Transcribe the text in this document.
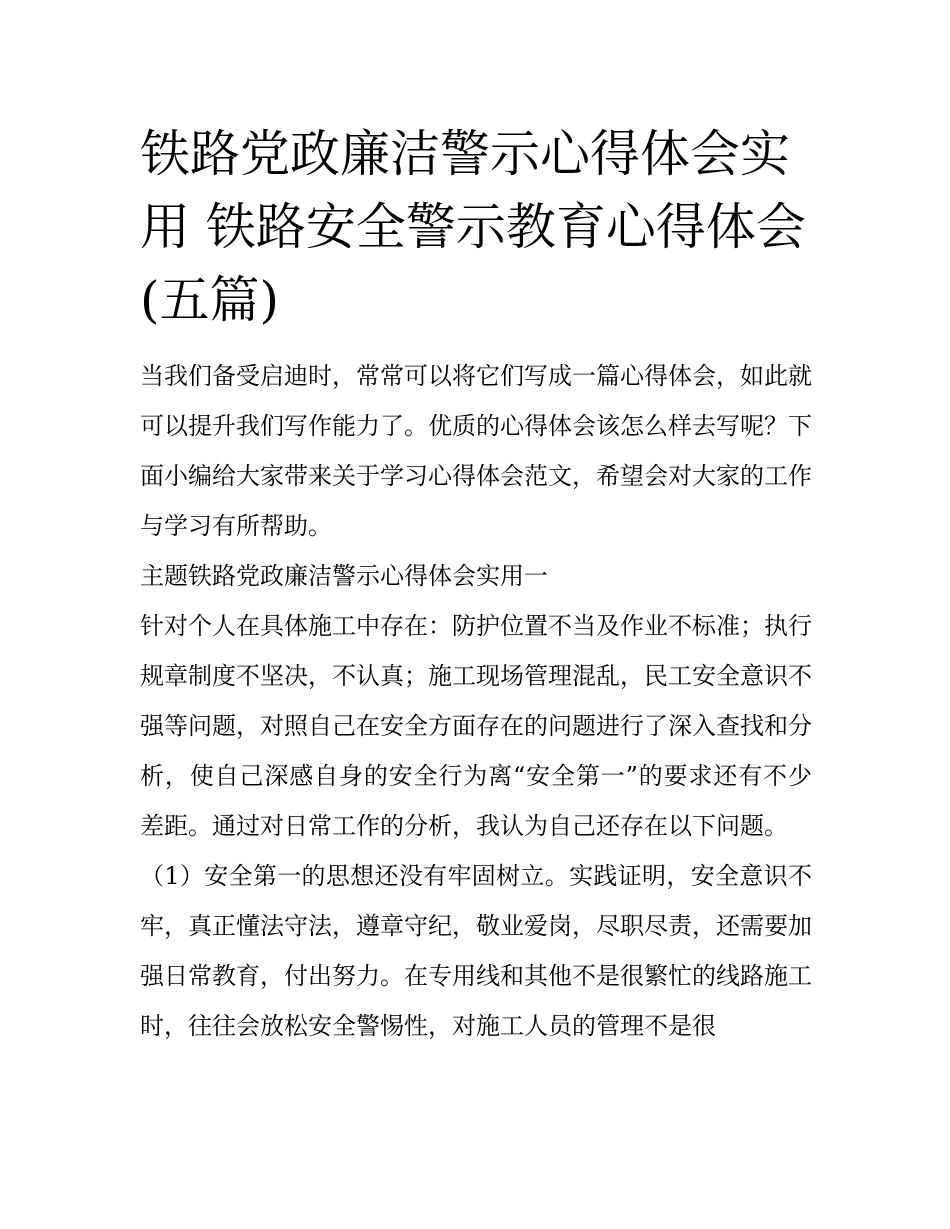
铁路党政廉洁警示心得体会实用 铁路安全警示教育心得体会(五篇)

当我们备受启迪时，常常可以将它们写成一篇心得体会，如此就可以提升我们写作能力了。优质的心得体会该怎么样去写呢？下面小编给大家带来关于学习心得体会范文，希望会对大家的工作与学习有所帮助。

主题铁路党政廉洁警示心得体会实用一

针对个人在具体施工中存在：防护位置不当及作业不标准；执行规章制度不坚决，不认真；施工现场管理混乱，民工安全意识不强等问题，对照自己在安全方面存在的问题进行了深入查找和分析，使自己深感自身的安全行为离“安全第一”的要求还有不少差距。通过对日常工作的分析，我认为自己还存在以下问题。

（1）安全第一的思想还没有牢固树立。实践证明，安全意识不牢，真正懂法守法，遵章守纪，敬业爱岗，尽职尽责，还需要加强日常教育，付出努力。在专用线和其他不是很繁忙的线路施工时，往往会放松安全警惕性，对施工人员的管理不是很
